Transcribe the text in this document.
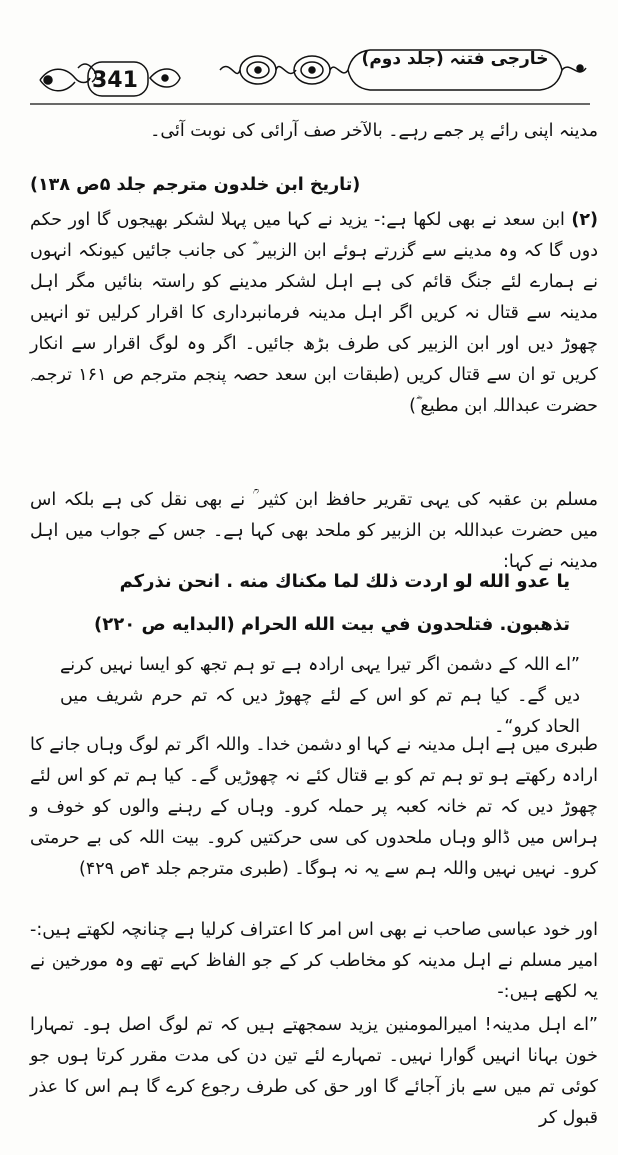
341
خارجی فتنہ (جلد دوم)
مدینہ اپنی رائے پر جمے رہے۔ بالآخر صف آرائی کی نوبت آئی۔
(تاریخ ابن خلدون مترجم جلد ۵ص ۱۳۸)
(۲) ابن سعد نے بھی لکھا ہے:- یزید نے کہا میں پہلا لشکر بھیجوں گا اور حکم دوں گا کہ وہ مدینے سے گزرتے ہوئے ابن الزبیر ؓ کی جانب جائیں کیونکہ انہوں نے ہمارے لئے جنگ قائم کی ہے اہل لشکر مدینے کو راستہ بنائیں مگر اہل مدینہ سے قتال نہ کریں اگر اہل مدینہ فرمانبرداری کا اقرار کرلیں تو انہیں چھوڑ دیں اور ابن الزبیر کی طرف بڑھ جائیں۔ اگر وہ لوگ اقرار سے انکار کریں تو ان سے قتال کریں (طبقات ابن سعد حصہ پنجم مترجم ص ۱۶۱ ترجمہ حضرت عبداللہ ابن مطیع ؓ)
مسلم بن عقبہ کی یہی تقریر حافظ ابن کثیر ؒ نے بھی نقل کی ہے بلکہ اس میں حضرت عبداللہ بن الزبیر کو ملحد بھی کہا ہے۔ جس کے جواب میں اہل مدینہ نے کہا:
یا عدو الله لو اردت ذلك لما مكناك منه . انحن نذركم
تذهبون. فتلحدون في بيت الله الحرام (البدايه ص ۲۲۰)
”اے اللہ کے دشمن اگر تیرا یہی ارادہ ہے تو ہم تجھ کو ایسا نہیں کرنے دیں گے۔ کیا ہم تم کو اس کے لئے چھوڑ دیں کہ تم حرم شریف میں الحاد کرو“۔
طبری میں ہے اہل مدینہ نے کہا او دشمن خدا۔ واللہ اگر تم لوگ وہاں جانے کا ارادہ رکھتے ہو تو ہم تم کو بے قتال کئے نہ چھوڑیں گے۔ کیا ہم تم کو اس لئے چھوڑ دیں کہ تم خانہ کعبہ پر حملہ کرو۔ وہاں کے رہنے والوں کو خوف و ہراس میں ڈالو وہاں ملحدوں کی سی حرکتیں کرو۔ بیت اللہ کی بے حرمتی کرو۔ نہیں نہیں واللہ ہم سے یہ نہ ہوگا۔ (طبری مترجم جلد ۴ص ۴۲۹)
اور خود عباسی صاحب نے بھی اس امر کا اعتراف کرلیا ہے چنانچہ لکھتے ہیں:- امیر مسلم نے اہل مدینہ کو مخاطب کر کے جو الفاظ کہے تھے وہ مورخین نے یہ لکھے ہیں:-
”اے اہل مدینہ! امیرالمومنین یزید سمجھتے ہیں کہ تم لوگ اصل ہو۔ تمہارا خون بہانا انہیں گوارا نہیں۔ تمہارے لئے تین دن کی مدت مقرر کرتا ہوں جو کوئی تم میں سے باز آجائے گا اور حق کی طرف رجوع کرے گا ہم اس کا عذر قبول کر
